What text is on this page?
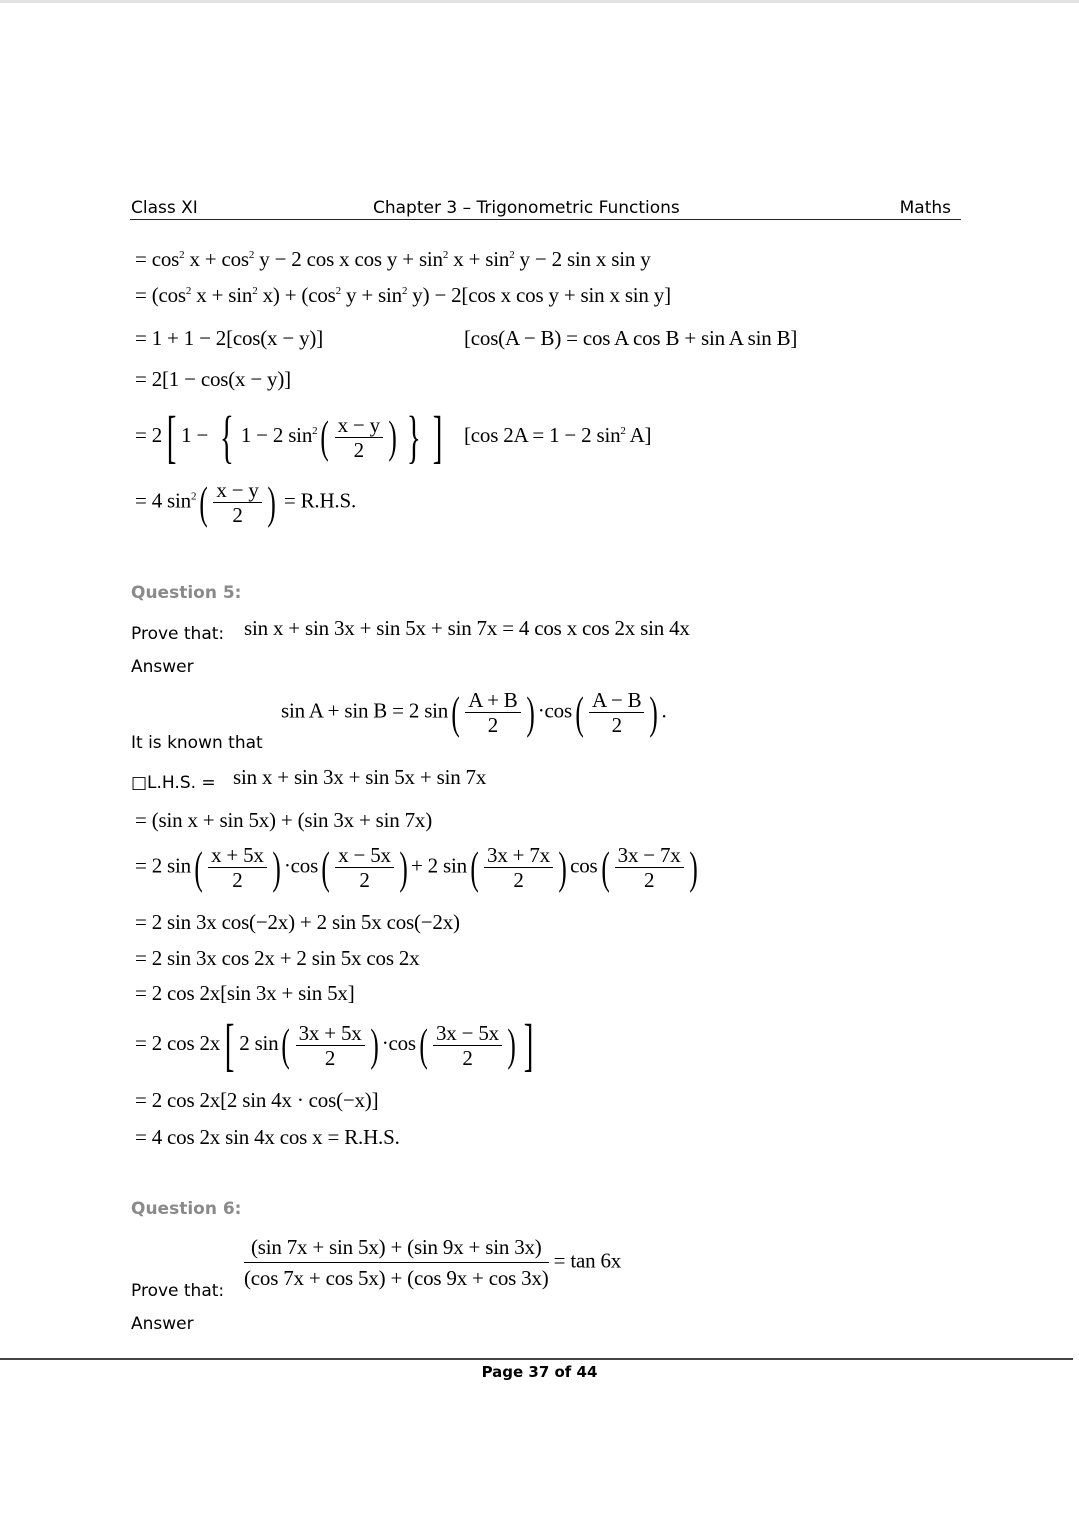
Class XI	Chapter 3 – Trigonometric Functions	Maths
= $\cos^2 x + \cos^2 y - 2$ cos x $\cos y + \sin^2 x + \sin^2 y - 2$ sin x sin y
= ($\cos^2$ $x + \sin^2 x) + (\cos^2$ $y + \sin^2 y) - 2[\cos$ x cos y + sin x sin y]
= 1 + 1 − 2[cos(x − y)]	[cos(A − B) = cos A cos B + sin A sin B]
= 2[1 − cos(x − y)]
= 2[ 1 − { 1 − 2 $\sin^2( \frac{x - y}{2}$ ) } ] [cos 2A = 1 − 2 $\sin^2 A$]
= 4 $\sin^2( \frac{x - y}{2}$ ) = R.H.S.
Question 5:
Prove that: sin x + sin 3x + sin 5x + sin 7x = 4 cos x cos 2x sin 4x
Answer
It is known that
sin A + sin B = 2 $\sin( \frac{A + B}{2}$ ) $\cdot\cos( \frac{A - B}{2}$ ) .
□L.H.S. = sin x + sin 3x + sin 5x + sin 7x
= (sin x + sin 5x) + (sin 3x + sin 7x)
= 2 $\sin( \frac{x + 5x}{2}$ ) $\cdot\cos( \frac{x - 5x}{2}$ ) + 2 $\sin( \frac{3x + 7x}{2}$ ) $\cos( \frac{3x - 7x}{2}$ )
= 2 sin 3x cos(−2x) + 2 sin 5x cos(−2x)
= 2 sin 3x cos 2x + 2 sin 5x cos 2x
= 2 cos 2x[sin 3x + sin 5x]
= 2 cos 2x[ 2 $\sin( \frac{3x + 5x}{2}$ ) $\cdot\cos( \frac{3x - 5x}{2}$ ) ]
= 2 cos 2x[2 sin 4x · cos(−x)]
= 4 cos 2x sin 4x cos x = R.H.S.
Question 6:
Prove that: $\frac{(\sin 7x + \sin 5x) + (\sin 9x + \sin 3x)}{(\cos 7x + \cos 5x) + (\cos 9x + \cos 3x)} = \tan 6x$
Answer
Page 37 of 44
